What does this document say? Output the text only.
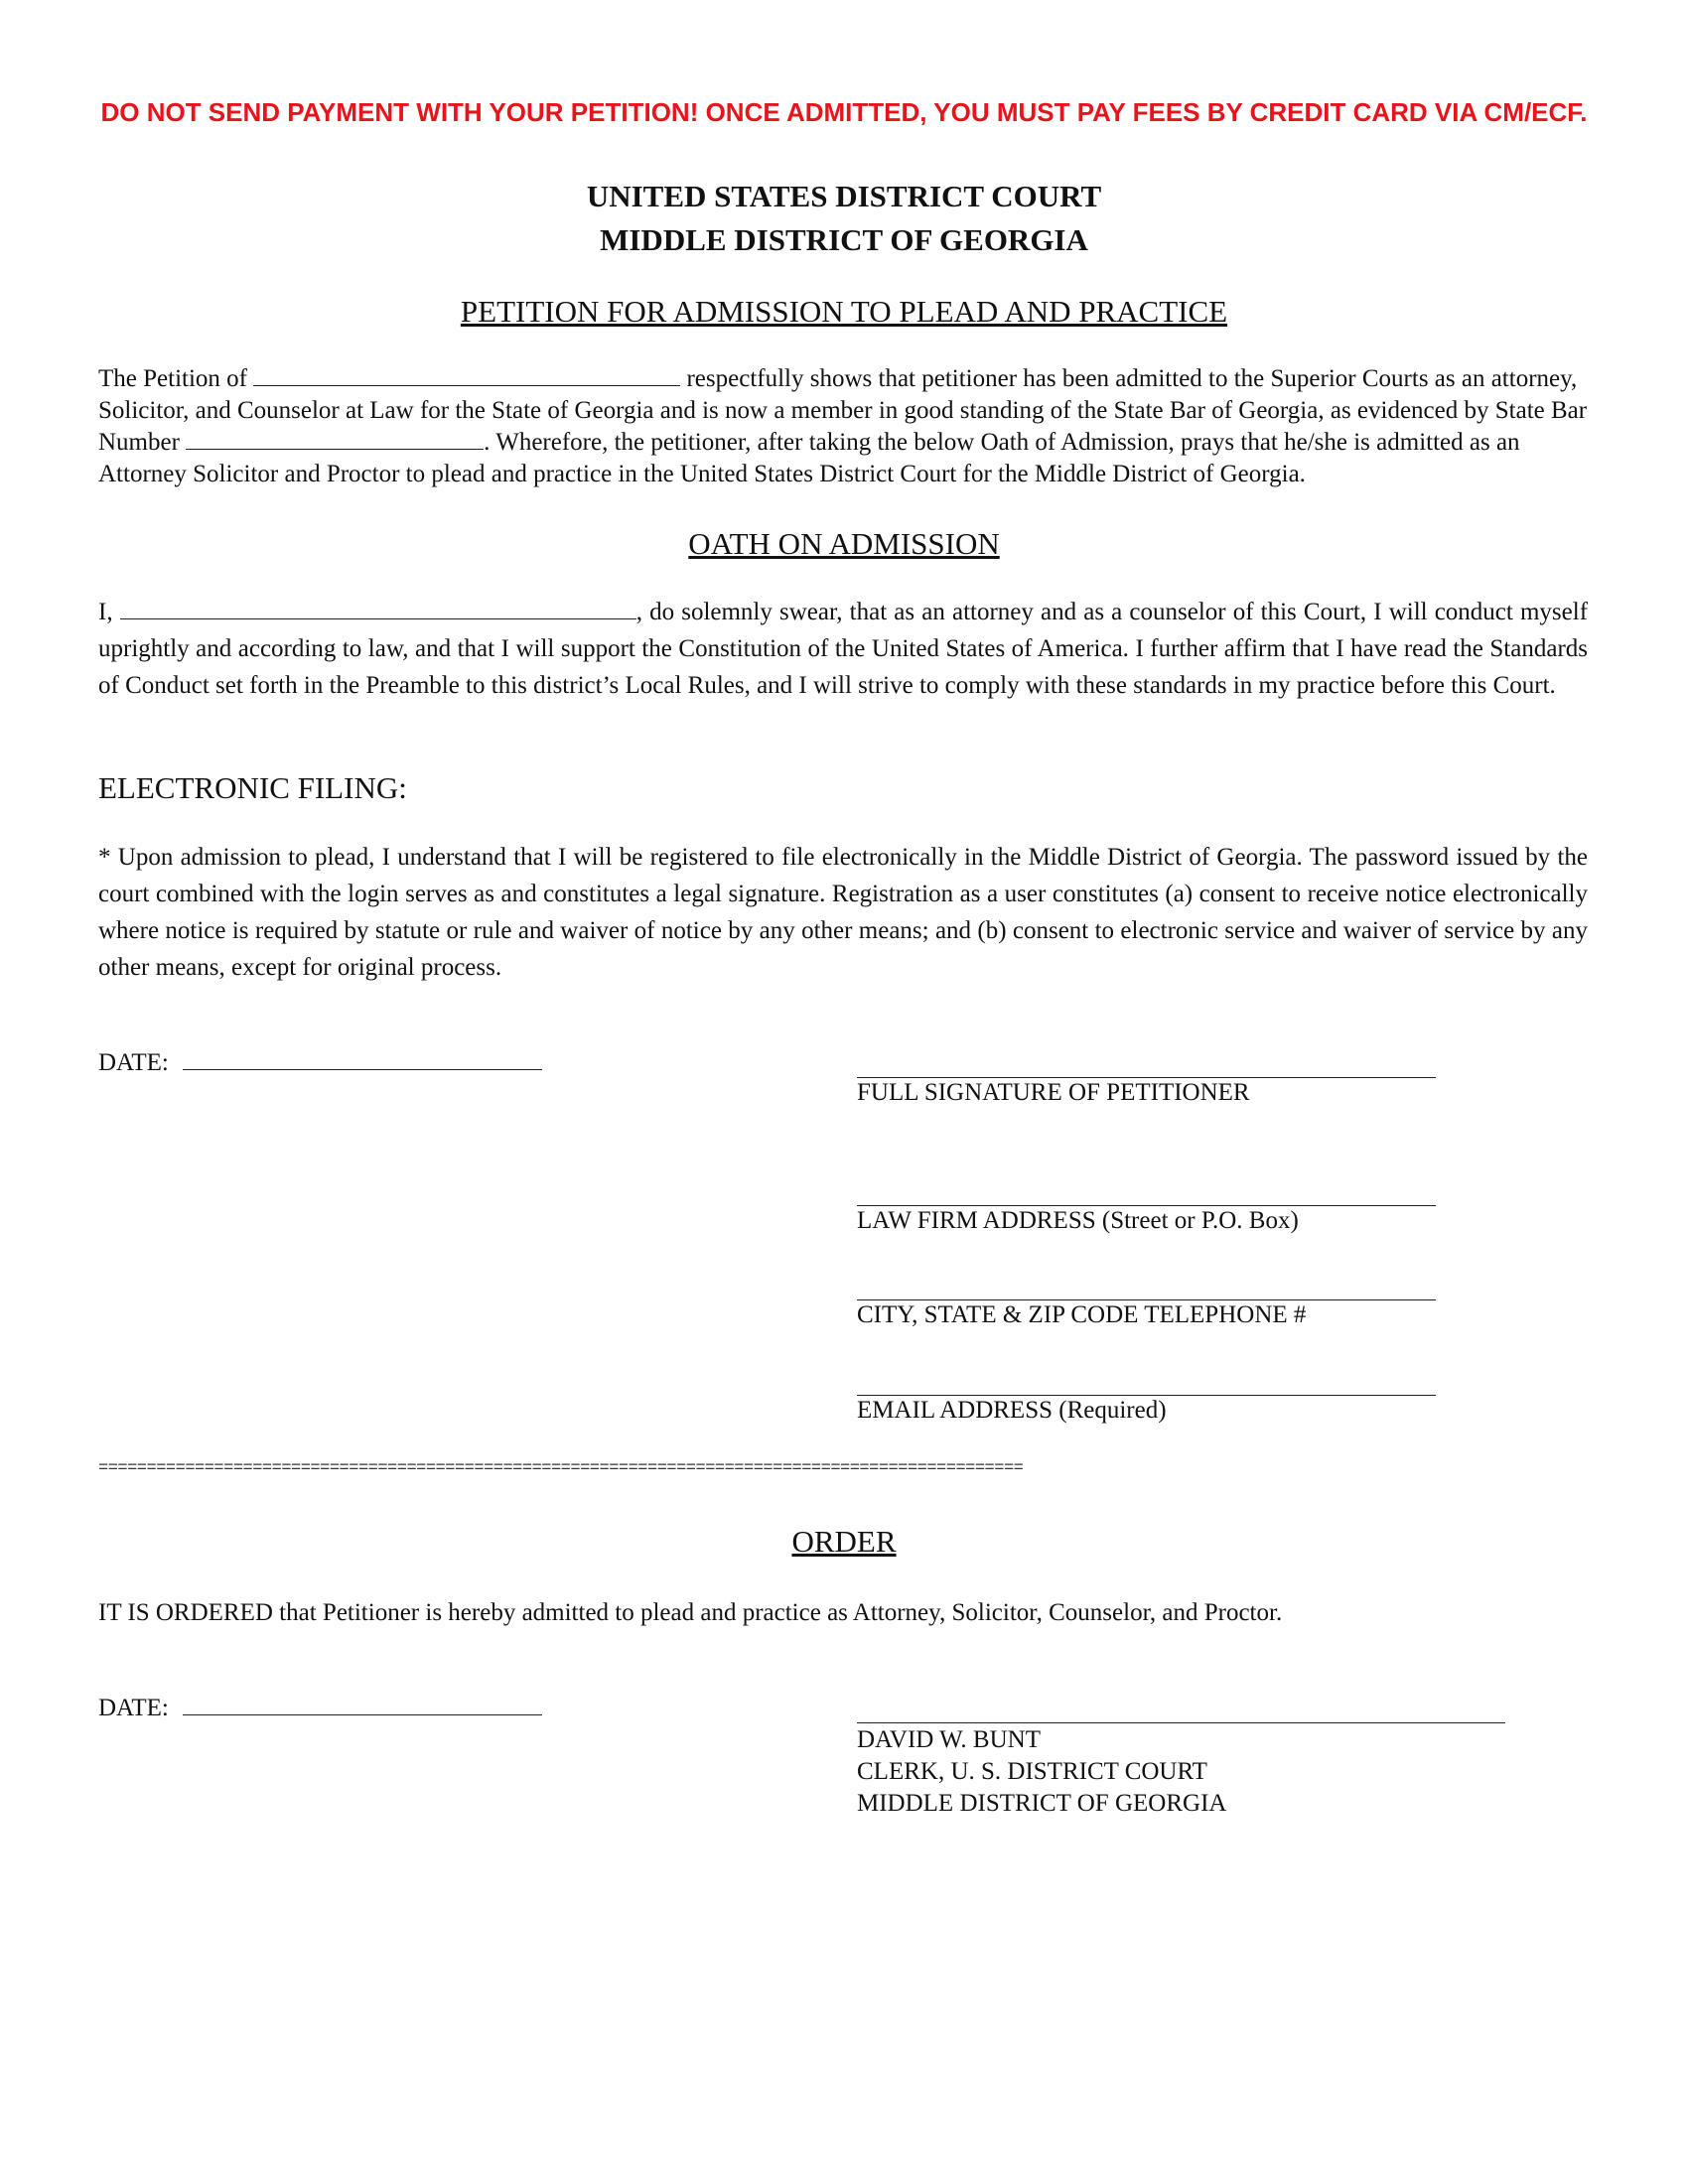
DO NOT SEND PAYMENT WITH YOUR PETITION! ONCE ADMITTED, YOU MUST PAY FEES BY CREDIT CARD VIA CM/ECF.
UNITED STATES DISTRICT COURT
MIDDLE DISTRICT OF GEORGIA
PETITION FOR ADMISSION TO PLEAD AND PRACTICE
The Petition of	respectfully shows that petitioner has been admitted to the Superior Courts as an attorney, Solicitor, and Counselor at Law for the State of Georgia and is now a member in good standing of the State Bar of Georgia, as evidenced by State Bar Number	. Wherefore, the petitioner, after taking the below Oath of Admission, prays that he/she is admitted as an Attorney Solicitor and Proctor to plead and practice in the United States District Court for the Middle District of Georgia.
OATH ON ADMISSION
I,	, do solemnly swear, that as an attorney and as a counselor of this Court, I will conduct myself uprightly and according to law, and that I will support the Constitution of the United States of America. I further affirm that I have read the Standards of Conduct set forth in the Preamble to this district’s Local Rules, and I will strive to comply with these standards in my practice before this Court.
ELECTRONIC FILING:
* Upon admission to plead, I understand that I will be registered to file electronically in the Middle District of Georgia. The password issued by the court combined with the login serves as and constitutes a legal signature. Registration as a user constitutes (a) consent to receive notice electronically where notice is required by statute or rule and waiver of notice by any other means; and (b) consent to electronic service and waiver of service by any other means, except for original process.
DATE:
FULL SIGNATURE OF PETITIONER
LAW FIRM ADDRESS (Street or P.O. Box)
CITY, STATE & ZIP CODE TELEPHONE #
EMAIL ADDRESS (Required)
================================================================================================
ORDER
IT IS ORDERED that Petitioner is hereby admitted to plead and practice as Attorney, Solicitor, Counselor, and Proctor.
DATE:
DAVID W. BUNT
CLERK, U. S. DISTRICT COURT
MIDDLE DISTRICT OF GEORGIA
